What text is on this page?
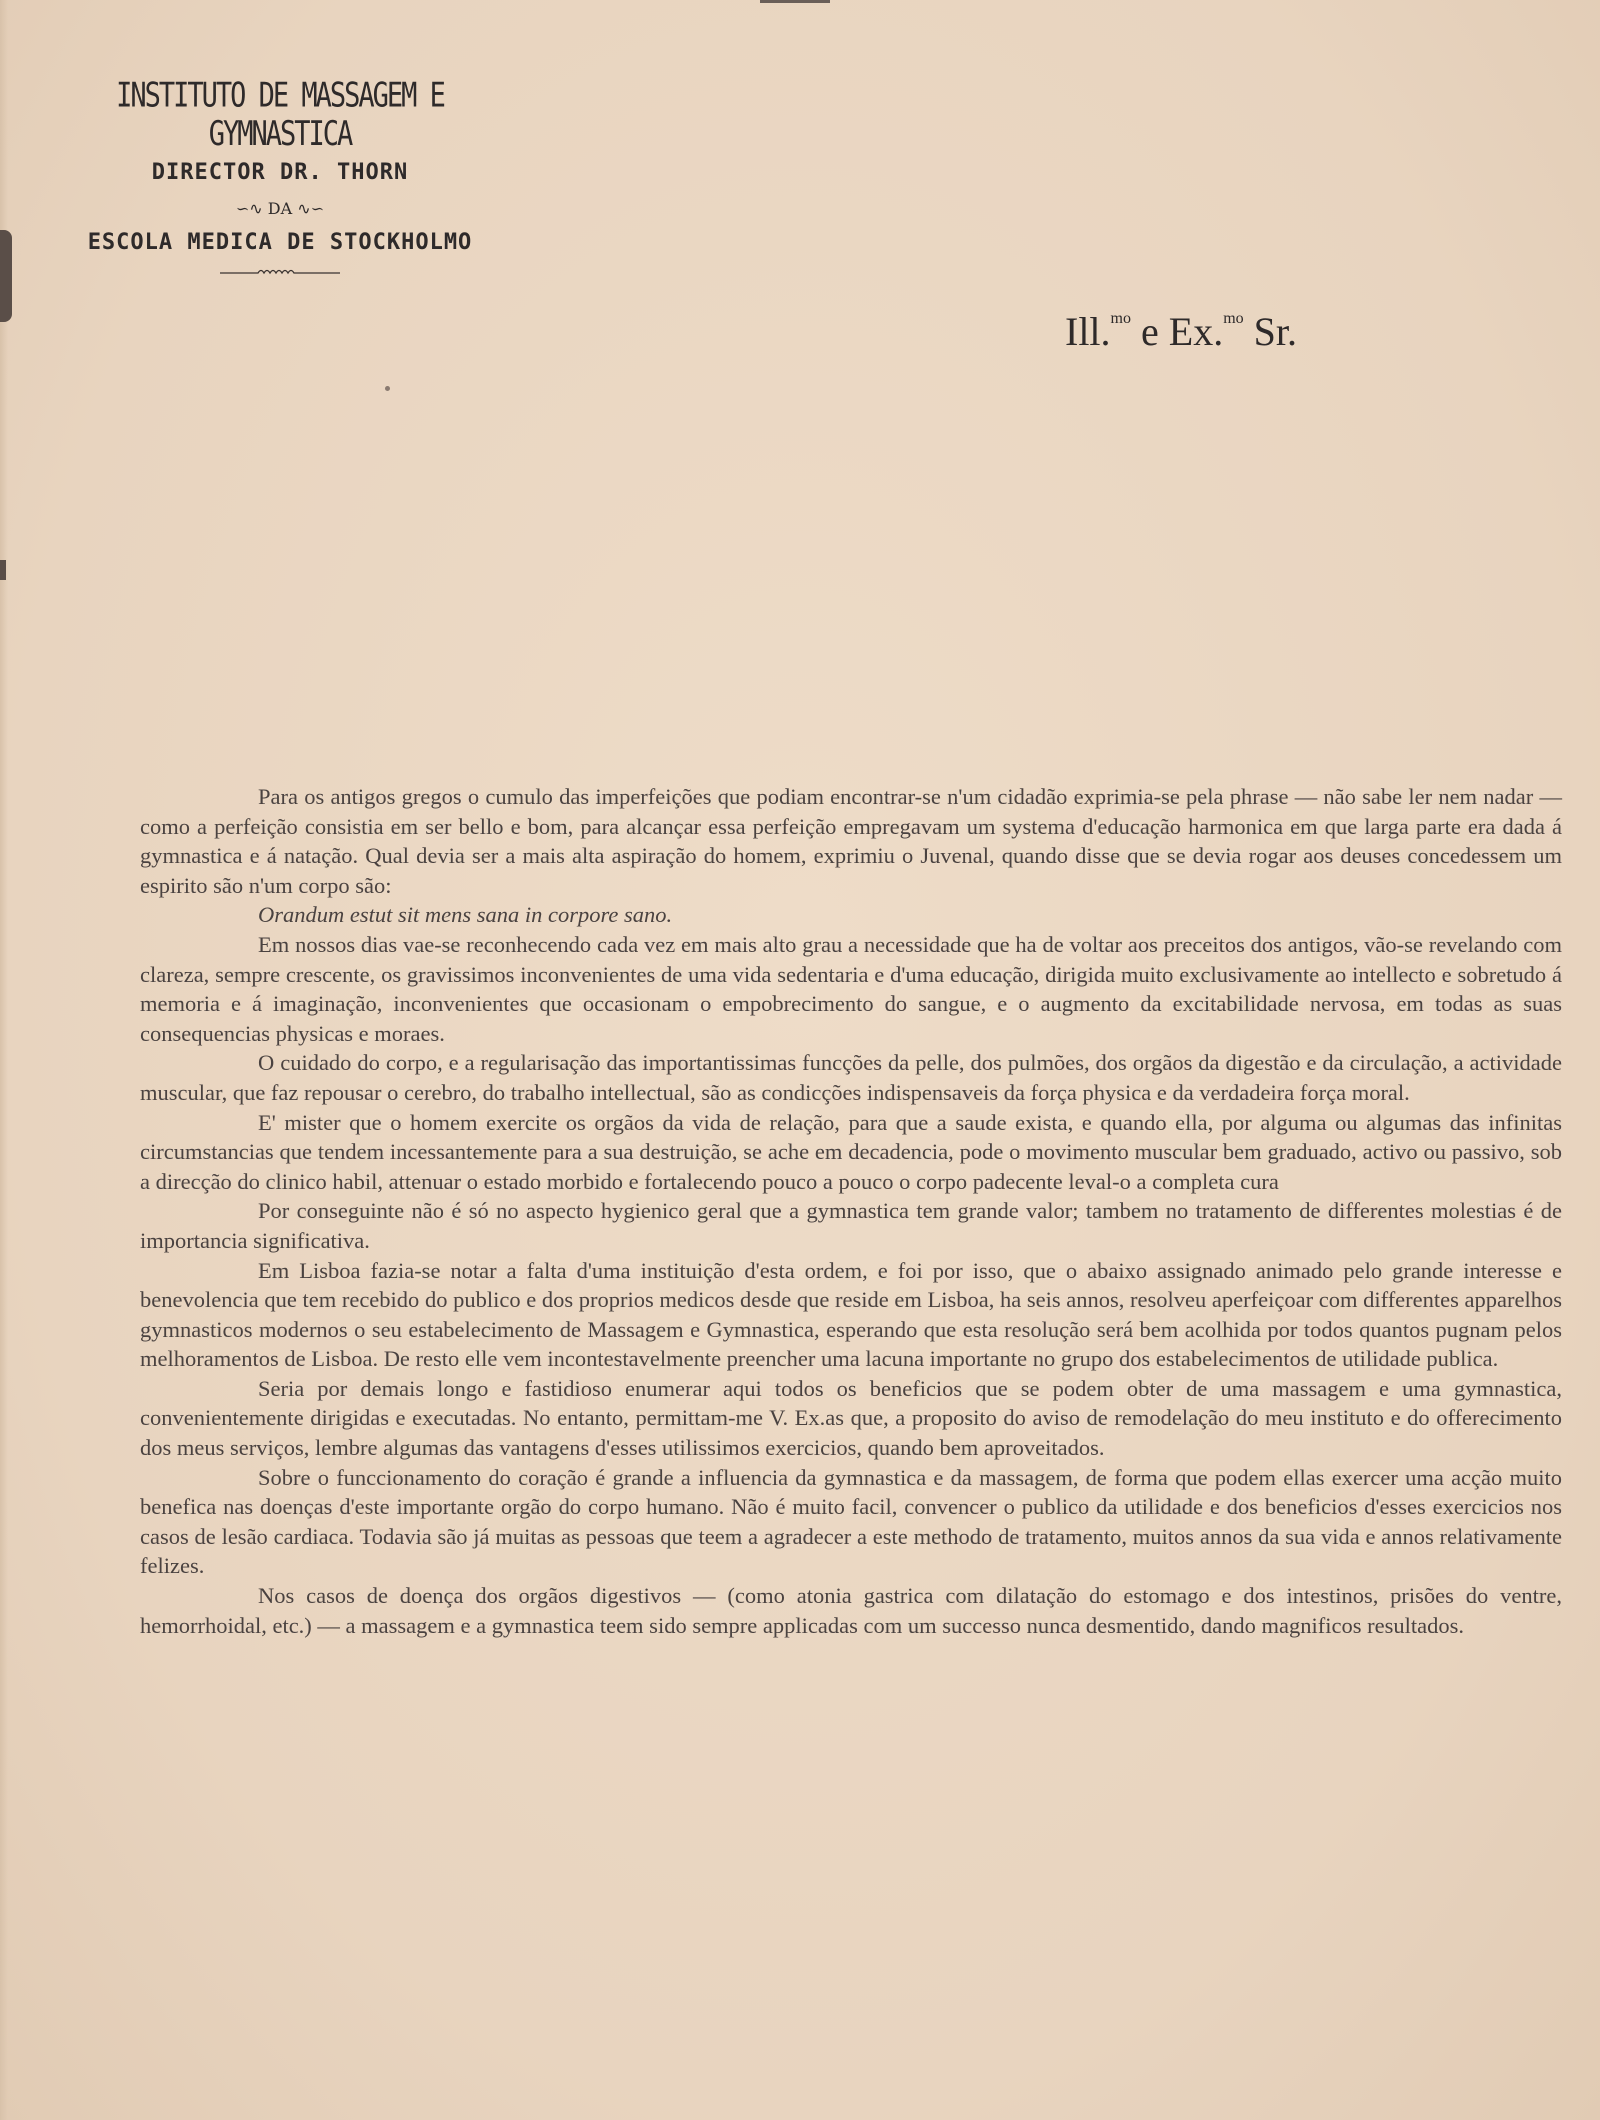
INSTITUTO DE MASSAGEM E GYMNASTICA
DIRECTOR DR. THORN
∽∿ DA ∿∽
ESCOLA MEDICA DE STOCKHOLMO
Ill.$^{mo}$ e Ex.$^{mo}$ Sr.

Para os antigos gregos o cumulo das imperfeições que podiam encontrar-se n'um cidadão exprimia-se pela phrase — não sabe ler nem nadar — como a perfeição consistia em ser bello e bom, para alcançar essa perfeição empregavam um systema d'educação harmonica em que larga parte era dada á gymnastica e á natação. Qual devia ser a mais alta aspiração do homem, exprimiu o Juvenal, quando disse que se devia rogar aos deuses concedessem um espirito são n'um corpo são:

Orandum estut sit mens sana in corpore sano.

Em nossos dias vae-se reconhecendo cada vez em mais alto grau a necessidade que ha de voltar aos preceitos dos antigos, vão-se revelando com clareza, sempre crescente, os gravissimos inconvenientes de uma vida sedentaria e d'uma educação, dirigida muito exclusivamente ao intellecto e sobretudo á memoria e á imaginação, inconvenientes que occasionam o empobrecimento do sangue, e o augmento da excitabilidade nervosa, em todas as suas consequencias physicas e moraes.

O cuidado do corpo, e a regularisação das importantissimas funcções da pelle, dos pulmões, dos orgãos da digestão e da circulação, a actividade muscular, que faz repousar o cerebro, do trabalho intellectual, são as condicções indispensaveis da força physica e da verdadeira força moral.

E' mister que o homem exercite os orgãos da vida de relação, para que a saude exista, e quando ella, por alguma ou algumas das infinitas circumstancias que tendem incessantemente para a sua destruição, se ache em decadencia, pode o movimento muscular bem graduado, activo ou passivo, sob a direcção do clinico habil, attenuar o estado morbido e fortalecendo pouco a pouco o corpo padecente leval-o a completa cura

Por conseguinte não é só no aspecto hygienico geral que a gymnastica tem grande valor; tambem no tratamento de differentes molestias é de importancia significativa.

Em Lisboa fazia-se notar a falta d'uma instituição d'esta ordem, e foi por isso, que o abaixo assignado animado pelo grande interesse e benevolencia que tem recebido do publico e dos proprios medicos desde que reside em Lisboa, ha seis annos, resolveu aperfeiçoar com differentes apparelhos gymnasticos modernos o seu estabelecimento de Massagem e Gymnastica, esperando que esta resolução será bem acolhida por todos quantos pugnam pelos melhoramentos de Lisboa. De resto elle vem incontestavelmente preencher uma lacuna importante no grupo dos estabelecimentos de utilidade publica.

Seria por demais longo e fastidioso enumerar aqui todos os beneficios que se podem obter de uma massagem e uma gymnastica, convenientemente dirigidas e executadas. No entanto, permittam-me V. Ex.as que, a proposito do aviso de remodelação do meu instituto e do offerecimento dos meus serviços, lembre algumas das vantagens d'esses utilissimos exercicios, quando bem aproveitados.

Sobre o funccionamento do coração é grande a influencia da gymnastica e da massagem, de forma que podem ellas exercer uma acção muito benefica nas doenças d'este importante orgão do corpo humano. Não é muito facil, convencer o publico da utilidade e dos beneficios d'esses exercicios nos casos de lesão cardiaca. Todavia são já muitas as pessoas que teem a agradecer a este methodo de tratamento, muitos annos da sua vida e annos relativamente felizes.

Nos casos de doença dos orgãos digestivos — (como atonia gastrica com dilatação do estomago e dos intestinos, prisões do ventre, hemorrhoidal, etc.) — a massagem e a gymnastica teem sido sempre applicadas com um successo nunca desmentido, dando magnificos resultados.
